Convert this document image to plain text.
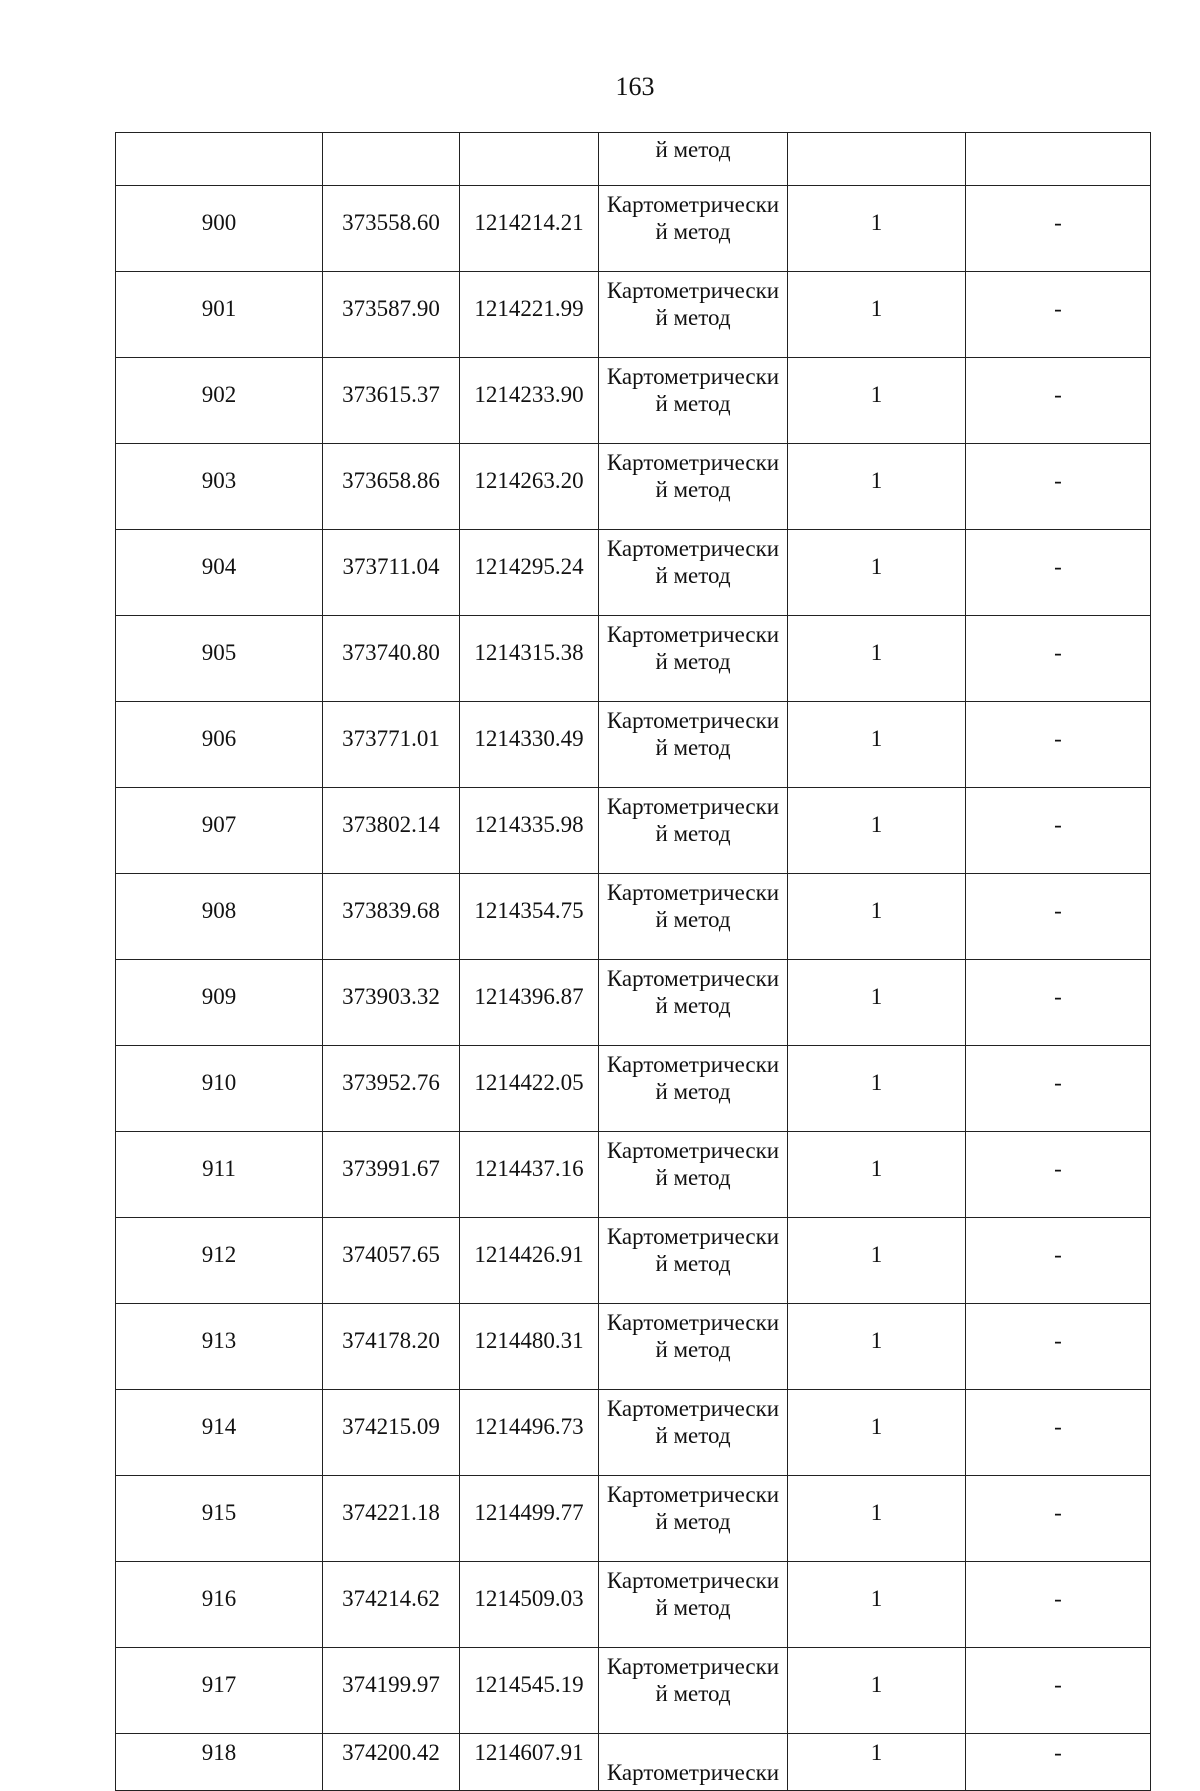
163

			й метод		

900	373558.60	1214214.21	Картометрически
й метод	1	-
901	373587.90	1214221.99	Картометрически
й метод	1	-
902	373615.37	1214233.90	Картометрически
й метод	1	-
903	373658.86	1214263.20	Картометрически
й метод	1	-
904	373711.04	1214295.24	Картометрически
й метод	1	-
905	373740.80	1214315.38	Картометрически
й метод	1	-
906	373771.01	1214330.49	Картометрически
й метод	1	-
907	373802.14	1214335.98	Картометрически
й метод	1	-
908	373839.68	1214354.75	Картометрически
й метод	1	-
909	373903.32	1214396.87	Картометрически
й метод	1	-
910	373952.76	1214422.05	Картометрически
й метод	1	-
911	373991.67	1214437.16	Картометрически
й метод	1	-
912	374057.65	1214426.91	Картометрически
й метод	1	-
913	374178.20	1214480.31	Картометрически
й метод	1	-
914	374215.09	1214496.73	Картометрически
й метод	1	-
915	374221.18	1214499.77	Картометрически
й метод	1	-
916	374214.62	1214509.03	Картометрически
й метод	1	-
917	374199.97	1214545.19	Картометрически
й метод	1	-
918	374200.42	1214607.91	Картометрически	1	-
